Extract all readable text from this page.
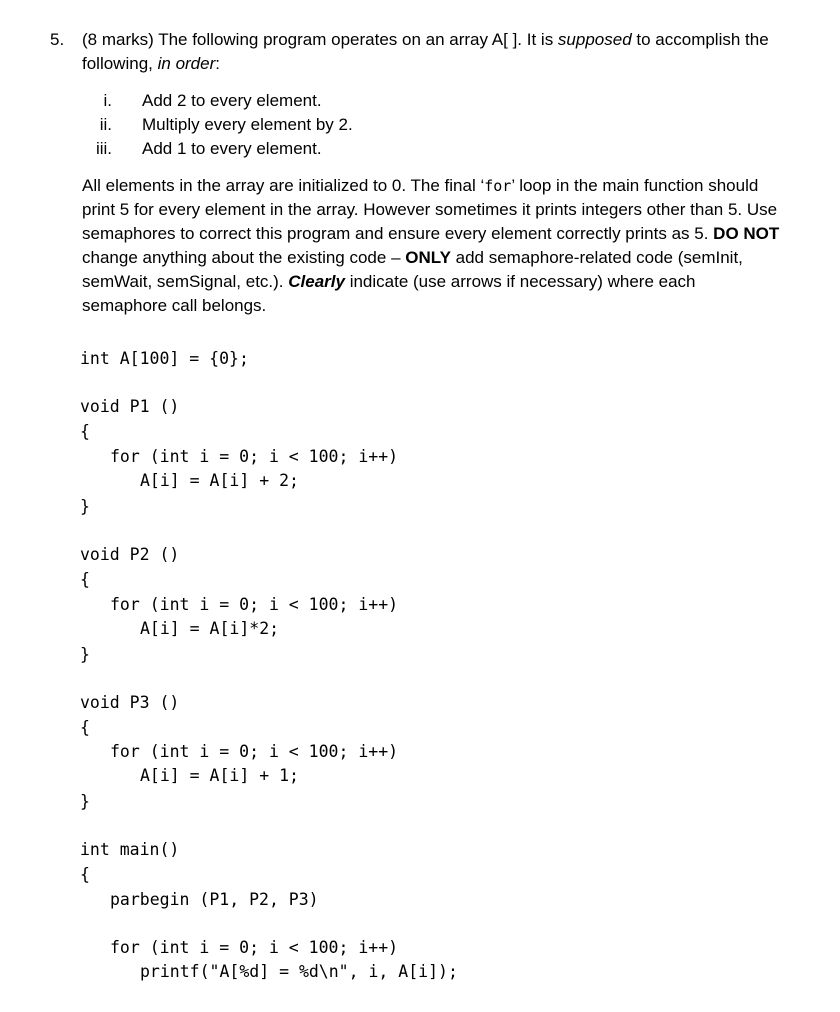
5. (8 marks) The following program operates on an array A[ ]. It is supposed to accomplish the following, in order:
i. Add 2 to every element.
ii. Multiply every element by 2.
iii. Add 1 to every element.
All elements in the array are initialized to 0. The final ‘for’ loop in the main function should print 5 for every element in the array. However sometimes it prints integers other than 5. Use semaphores to correct this program and ensure every element correctly prints as 5. DO NOT change anything about the existing code – ONLY add semaphore-related code (semInit, semWait, semSignal, etc.). Clearly indicate (use arrows if necessary) where each semaphore call belongs.
int A[100] = {0};
void P1 ()
{
for (int i = 0; i < 100; i++)
A[i] = A[i] + 2;
}
void P2 ()
{
for (int i = 0; i < 100; i++)
A[i] = A[i]*2;
}
void P3 ()
{
for (int i = 0; i < 100; i++)
A[i] = A[i] + 1;
}
int main()
{
parbegin (P1, P2, P3)
for (int i = 0; i < 100; i++)
printf("A[%d] = %d\n", i, A[i]);
